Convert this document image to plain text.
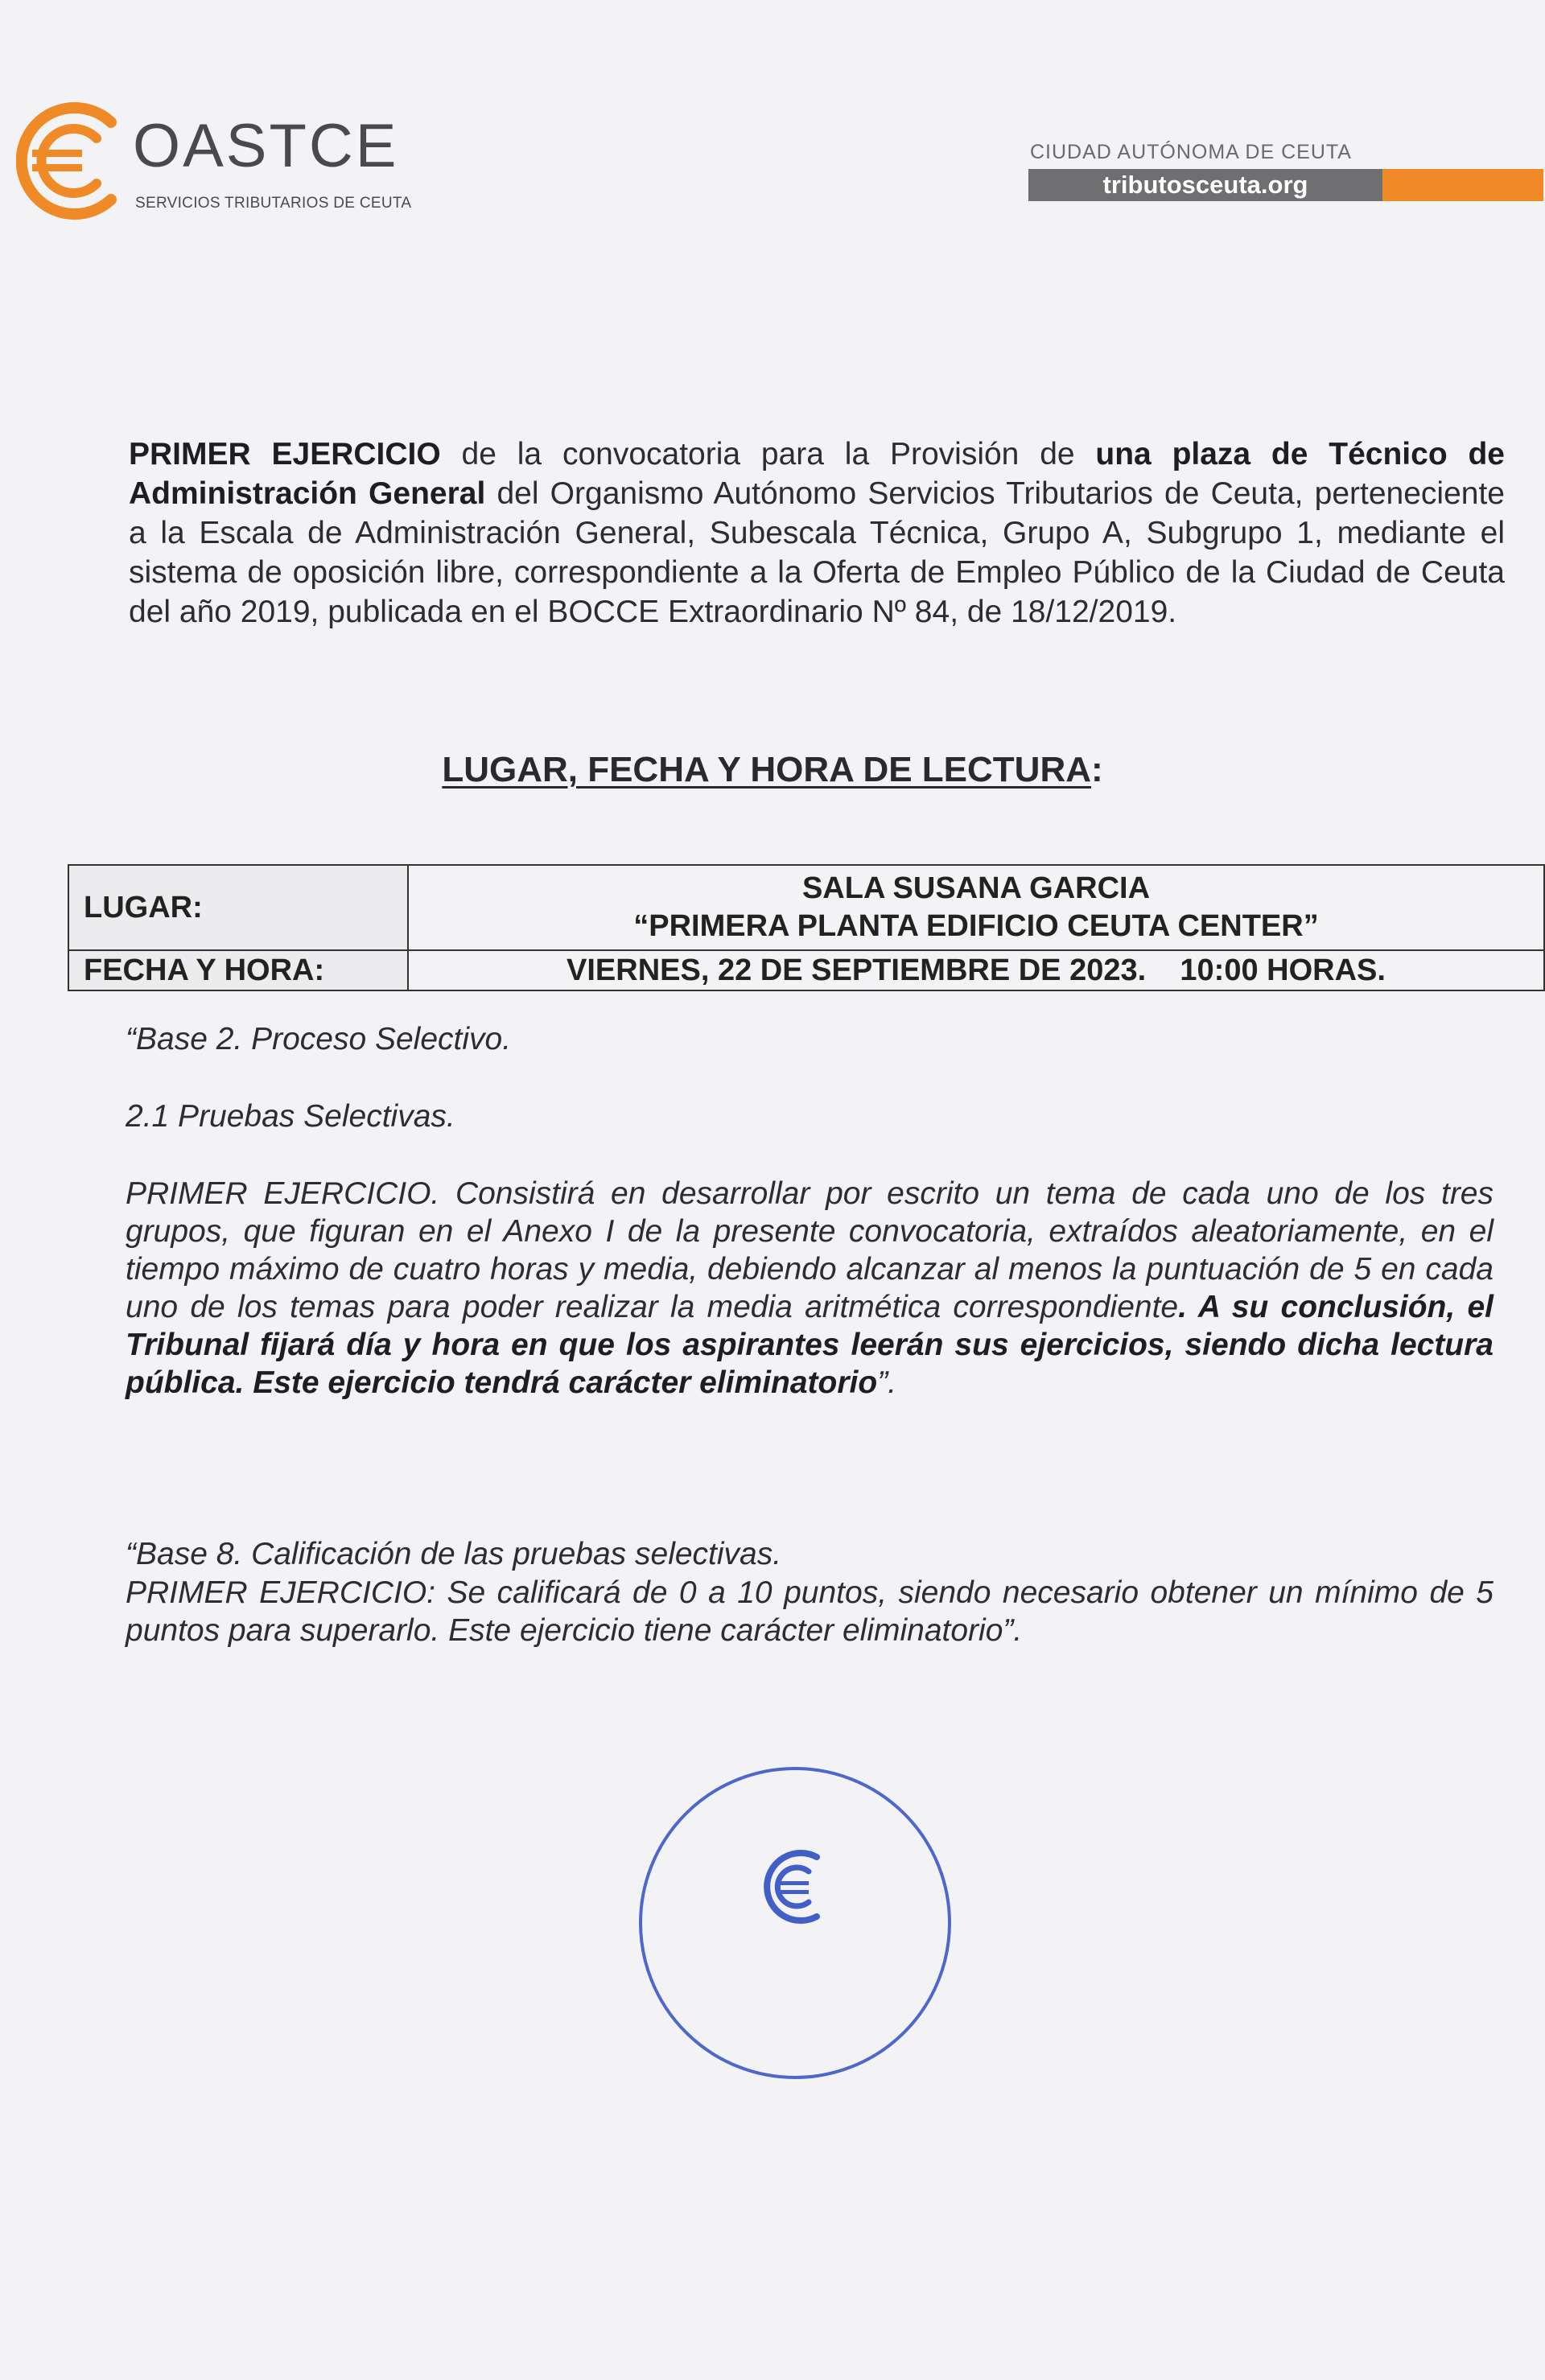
OASTCE
SERVICIOS TRIBUTARIOS DE CEUTA
CIUDAD AUTÓNOMA DE CEUTA
tributosceuta.org
PRIMER EJERCICIO de la convocatoria para la Provisión de una plaza de Técnico de Administración General del Organismo Autónomo Servicios Tributarios de Ceuta, perteneciente a la Escala de Administración General, Subescala Técnica, Grupo A, Subgrupo 1, mediante el sistema de oposición libre, correspondiente a la Oferta de Empleo Público de la Ciudad de Ceuta del año 2019, publicada en el BOCCE Extraordinario Nº 84, de 18/12/2019.
LUGAR, FECHA Y HORA DE LECTURA:
LUGAR:	SALA SUSANA GARCIA
“PRIMERA PLANTA EDIFICIO CEUTA CENTER”

FECHA Y HORA:	VIERNES, 22 DE SEPTIEMBRE DE 2023.    10:00 HORAS.
“Base 2. Proceso Selectivo.
2.1 Pruebas Selectivas.
PRIMER EJERCICIO. Consistirá en desarrollar por escrito un tema de cada uno de los tres grupos, que figuran en el Anexo I de la presente convocatoria, extraídos aleatoriamente, en el tiempo máximo de cuatro horas y media, debiendo alcanzar al menos la puntuación de 5 en cada uno de los temas para poder realizar la media aritmética correspondiente. A su conclusión, el Tribunal fijará día y hora en que los aspirantes leerán sus ejercicios, siendo dicha lectura pública. Este ejercicio tendrá carácter eliminatorio”.
“Base 8. Calificación de las pruebas selectivas.
PRIMER EJERCICIO: Se calificará de 0 a 10 puntos, siendo necesario obtener un mínimo de 5 puntos para superarlo. Este ejercicio tiene carácter eliminatorio”.
